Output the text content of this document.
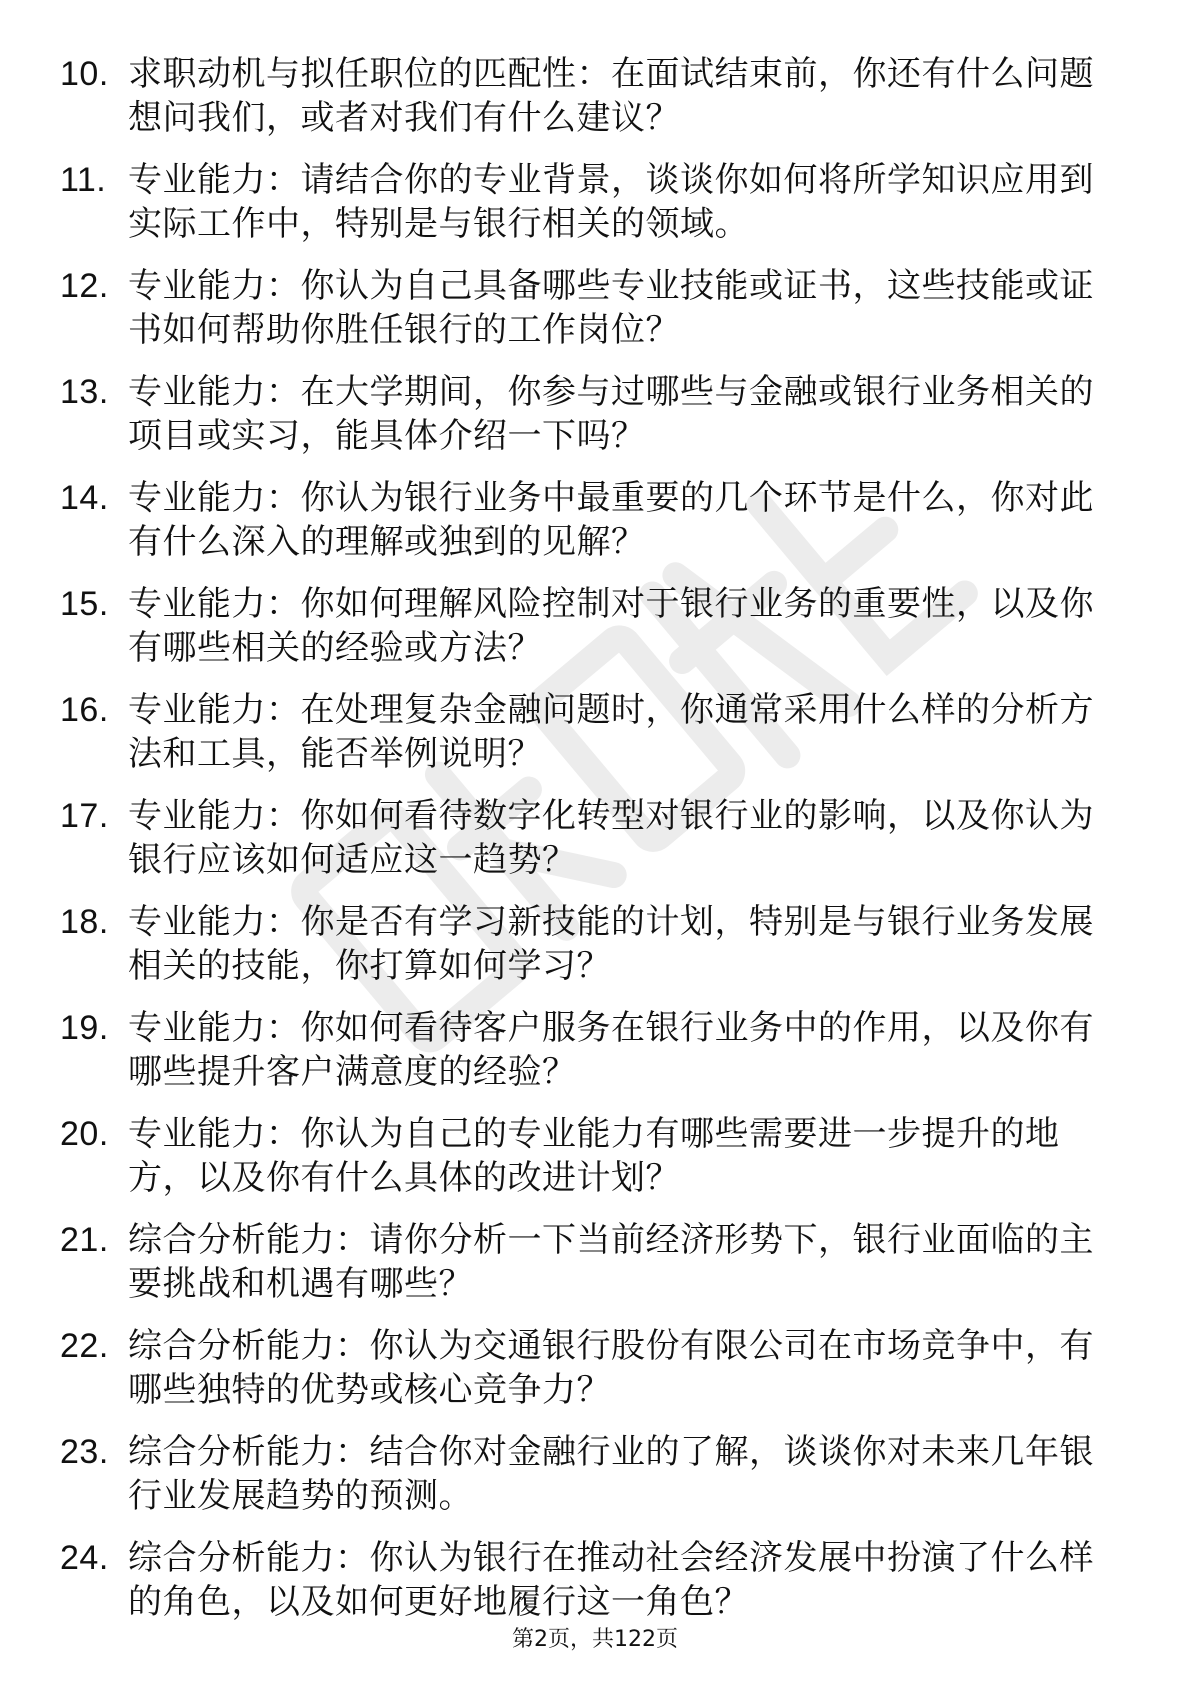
10. 求职动机与拟任职位的匹配性：在面试结束前，你还有什么问题想问我们，或者对我们有什么建议？
11. 专业能力：请结合你的专业背景，谈谈你如何将所学知识应用到实际工作中，特别是与银行相关的领域。
12. 专业能力：你认为自己具备哪些专业技能或证书，这些技能或证书如何帮助你胜任银行的工作岗位？
13. 专业能力：在大学期间，你参与过哪些与金融或银行业务相关的项目或实习，能具体介绍一下吗？
14. 专业能力：你认为银行业务中最重要的几个环节是什么，你对此有什么深入的理解或独到的见解？
15. 专业能力：你如何理解风险控制对于银行业务的重要性，以及你有哪些相关的经验或方法？
16. 专业能力：在处理复杂金融问题时，你通常采用什么样的分析方法和工具，能否举例说明？
17. 专业能力：你如何看待数字化转型对银行业的影响，以及你认为银行应该如何适应这一趋势？
18. 专业能力：你是否有学习新技能的计划，特别是与银行业务发展相关的技能，你打算如何学习？
19. 专业能力：你如何看待客户服务在银行业务中的作用，以及你有哪些提升客户满意度的经验？
20. 专业能力：你认为自己的专业能力有哪些需要进一步提升的地方，以及你有什么具体的改进计划？
21. 综合分析能力：请你分析一下当前经济形势下，银行业面临的主要挑战和机遇有哪些？
22. 综合分析能力：你认为交通银行股份有限公司在市场竞争中，有哪些独特的优势或核心竞争力？
23. 综合分析能力：结合你对金融行业的了解，谈谈你对未来几年银行业发展趋势的预测。
24. 综合分析能力：你认为银行在推动社会经济发展中扮演了什么样的角色，以及如何更好地履行这一角色？
第2页，共122页
